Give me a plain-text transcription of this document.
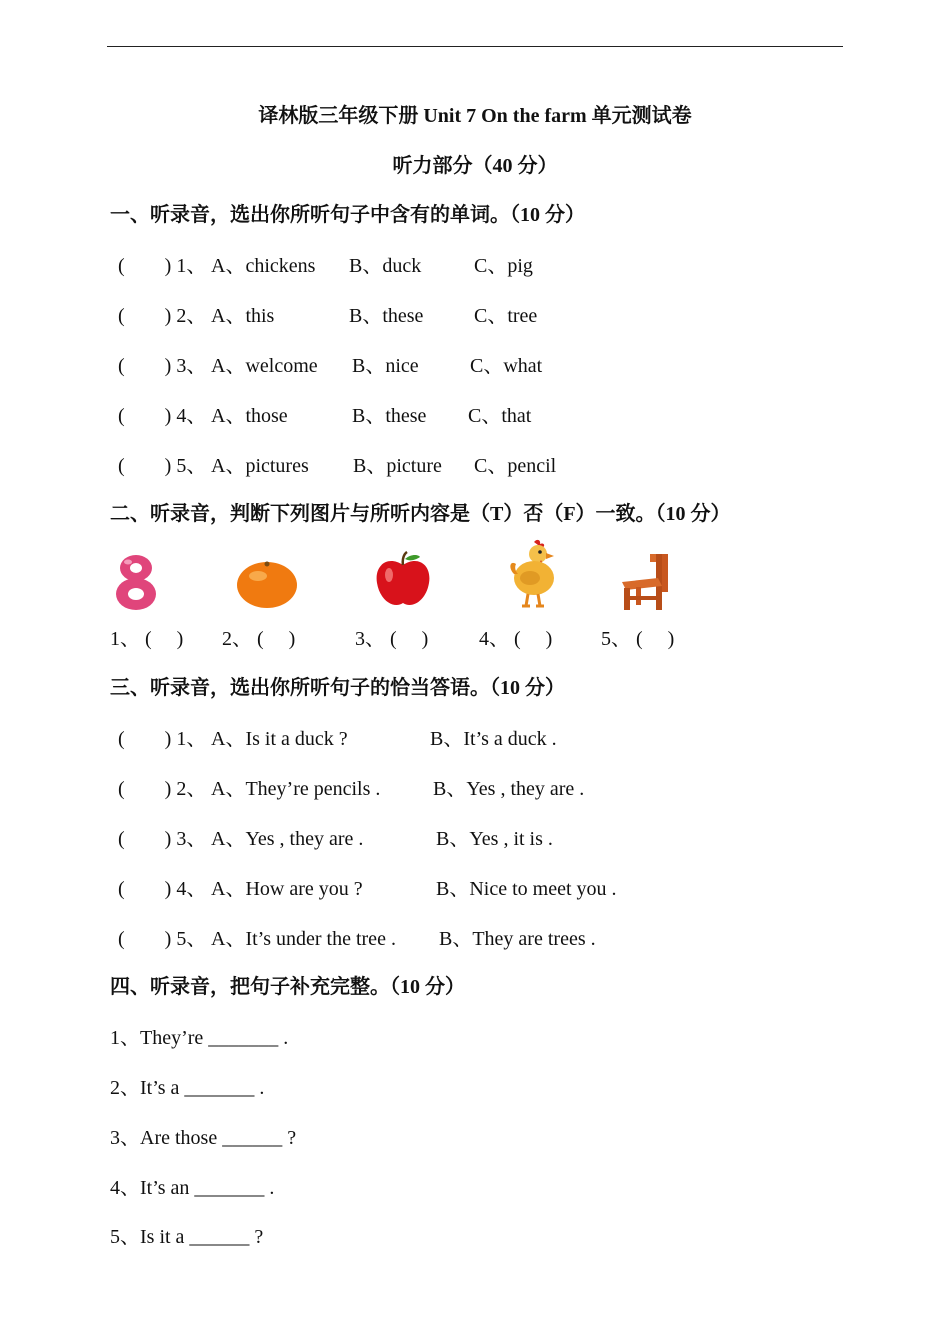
译林版三年级下册 Unit 7 On the farm 单元测试卷
听力部分（40 分）
一、听录音，选出你所听句子中含有的单词。（10 分）
(　　) 1、 A、chickens B、duck	C、pig
(　　) 2、 A、this	B、these	C、tree
(　　) 3、 A、welcome B、nice	C、what
(　　) 4、 A、those	B、these C、that
(　　) 5、 A、pictures B、picture C、pencil
二、听录音，判断下列图片与所听内容是（T）否（F）一致。（10 分）
1、 (　 ) 2、 (　 )	3、 (　 )	4、 (　 ) 5、 (　 )
三、听录音，选出你所听句子的恰当答语。（10 分）
(　　) 1、 A、Is it a duck ?	B、It’s a duck .
(　　) 2、 A、They’re pencils .	B、Yes , they are .
(　　) 3、 A、Yes , they are .	B、Yes , it is .
(　　) 4、 A、How are you ?	B、Nice to meet you .
(　　) 5、 A、It’s under the tree . B、They are trees .
四、听录音，把句子补充完整。（10 分）
1、They’re _______ .
2、It’s a _______ .
3、Are those ______ ?
4、It’s an _______ .
5、Is it a ______ ?
